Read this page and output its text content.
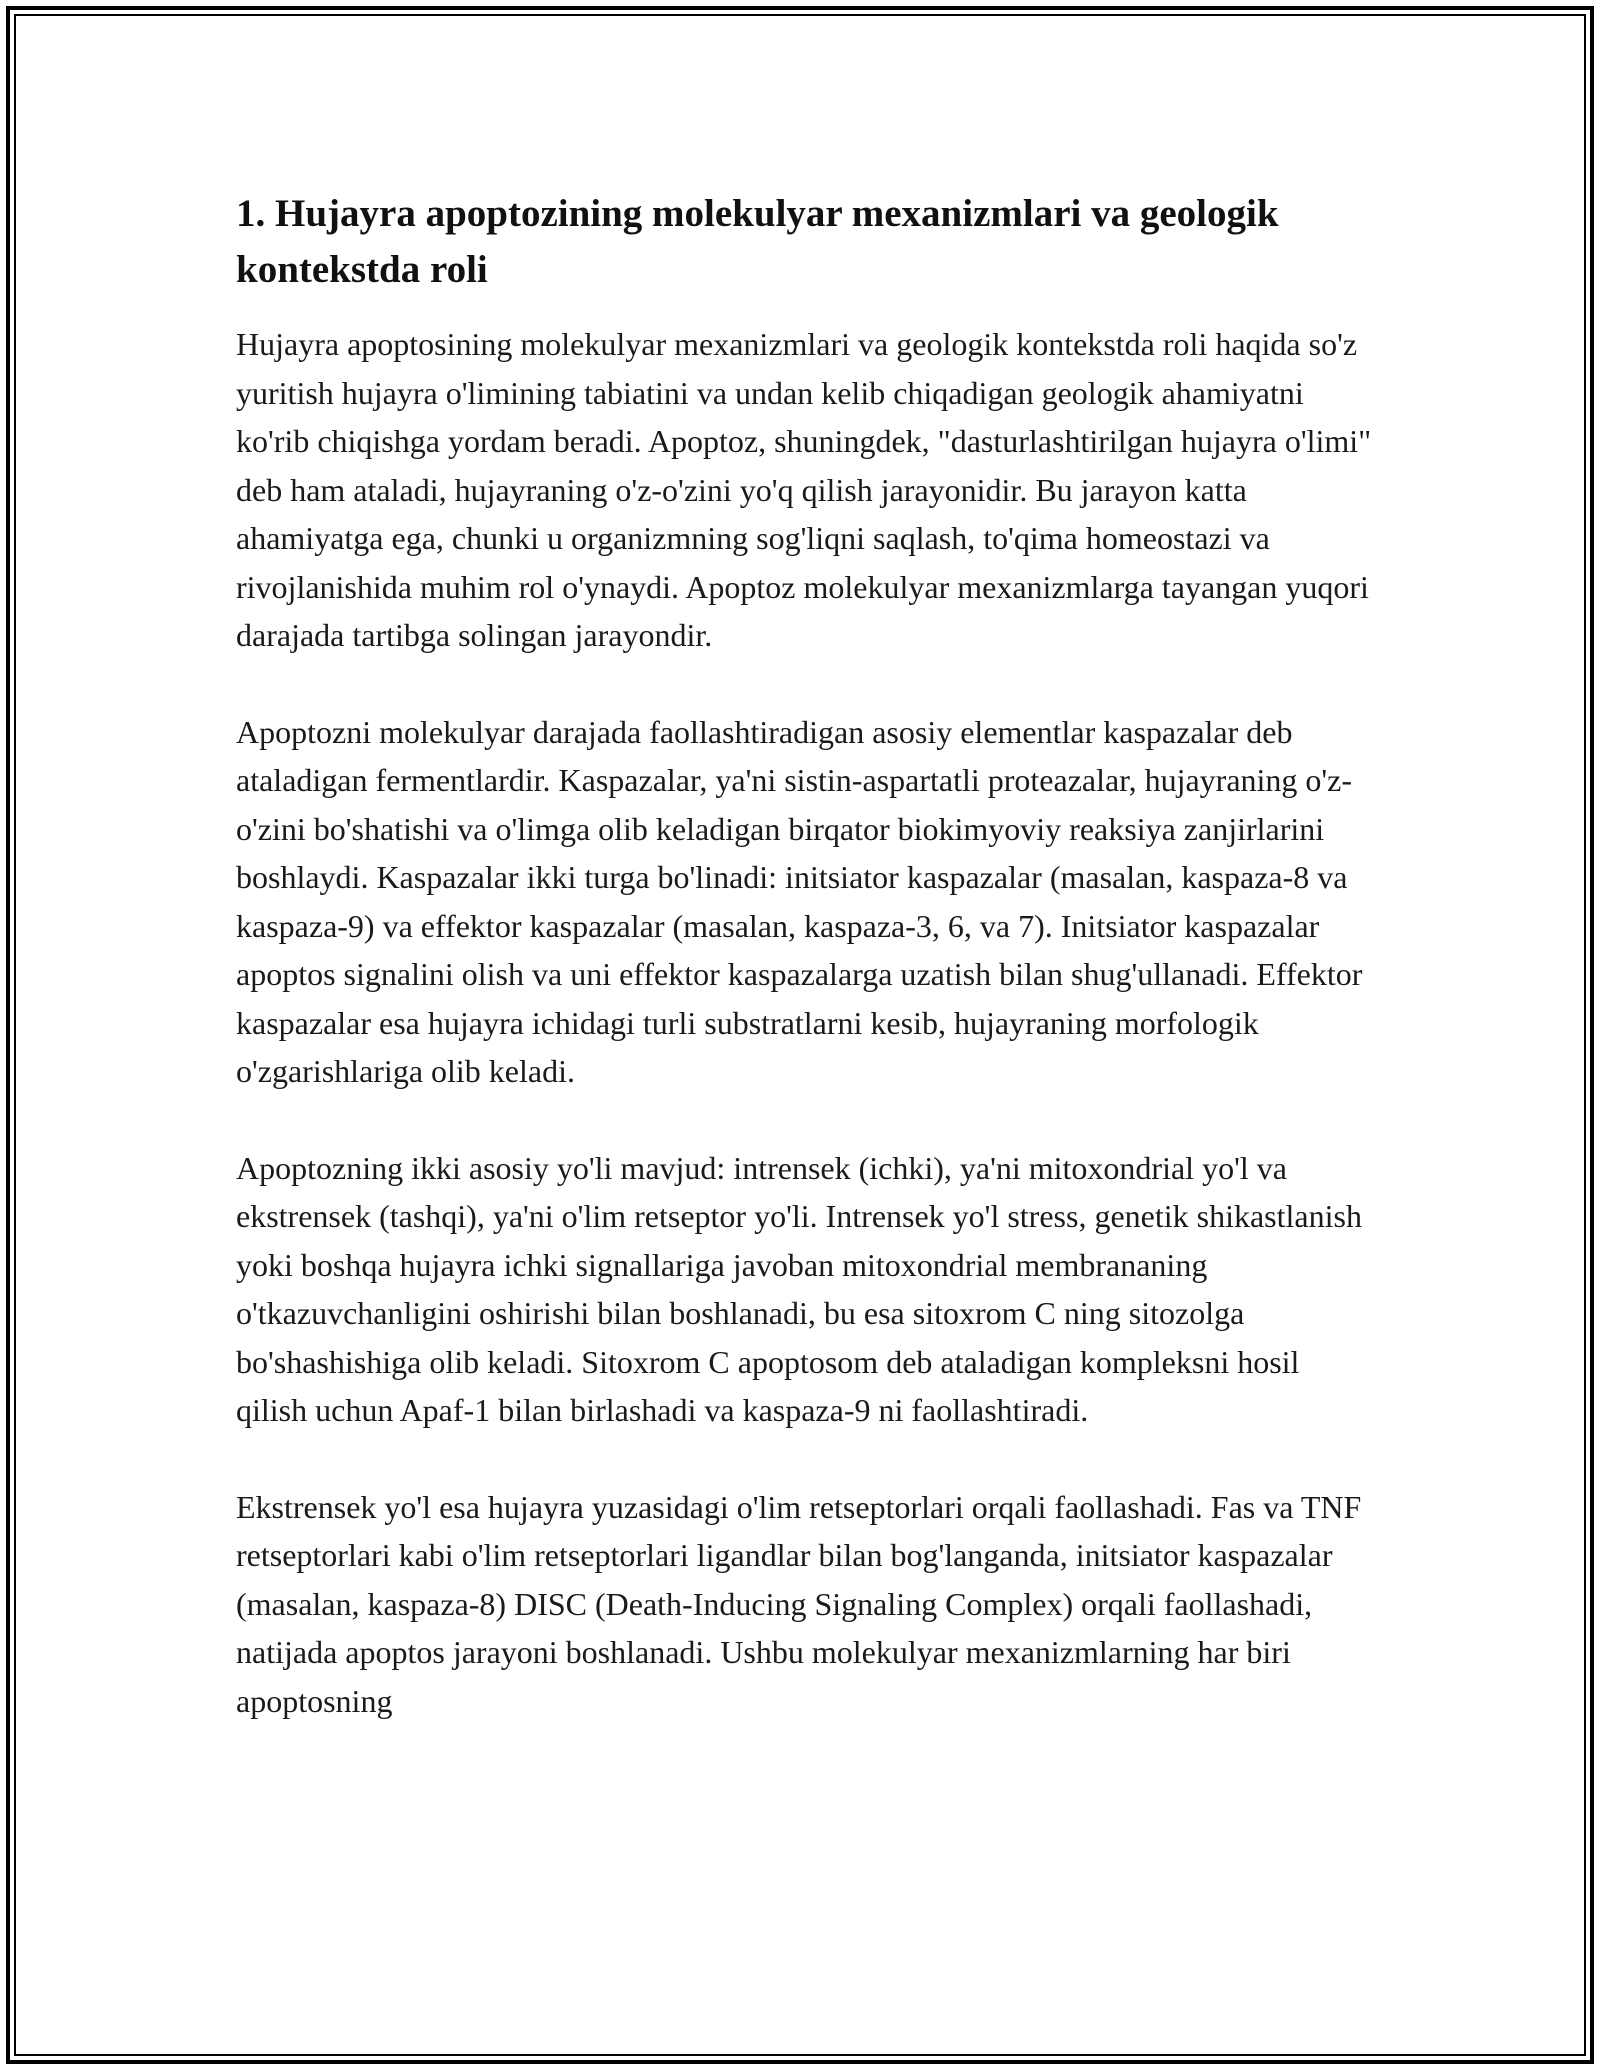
1. Hujayra apoptozining molekulyar mexanizmlari va geologik kontekstda roli

Hujayra apoptosining molekulyar mexanizmlari va geologik kontekstda roli haqida so'z yuritish hujayra o'limining tabiatini va undan kelib chiqadigan geologik ahamiyatni ko'rib chiqishga yordam beradi. Apoptoz, shuningdek, "dasturlashtirilgan hujayra o'limi" deb ham ataladi, hujayraning o'z-o'zini yo'q qilish jarayonidir. Bu jarayon katta ahamiyatga ega, chunki u organizmning sog'liqni saqlash, to'qima homeostazi va rivojlanishida muhim rol o'ynaydi. Apoptoz molekulyar mexanizmlarga tayangan yuqori darajada tartibga solingan jarayondir.

Apoptozni molekulyar darajada faollashtiradigan asosiy elementlar kaspazalar deb ataladigan fermentlardir. Kaspazalar, ya'ni sistin-aspartatli proteazalar, hujayraning o'z-o'zini bo'shatishi va o'limga olib keladigan birqator biokimyoviy reaksiya zanjirlarini boshlaydi. Kaspazalar ikki turga bo'linadi: initsiator kaspazalar (masalan, kaspaza-8 va kaspaza-9) va effektor kaspazalar (masalan, kaspaza-3, 6, va 7). Initsiator kaspazalar apoptos signalini olish va uni effektor kaspazalarga uzatish bilan shug'ullanadi. Effektor kaspazalar esa hujayra ichidagi turli substratlarni kesib, hujayraning morfologik o'zgarishlariga olib keladi.

Apoptozning ikki asosiy yo'li mavjud: intrensek (ichki), ya'ni mitoxondrial yo'l va ekstrensek (tashqi), ya'ni o'lim retseptor yo'li. Intrensek yo'l stress, genetik shikastlanish yoki boshqa hujayra ichki signallariga javoban mitoxondrial membrananing o'tkazuvchanligini oshirishi bilan boshlanadi, bu esa sitoxrom C ning sitozolga bo'shashishiga olib keladi. Sitoxrom C apoptosom deb ataladigan kompleksni hosil qilish uchun Apaf-1 bilan birlashadi va kaspaza-9 ni faollashtiradi.

Ekstrensek yo'l esa hujayra yuzasidagi o'lim retseptorlari orqali faollashadi. Fas va TNF retseptorlari kabi o'lim retseptorlari ligandlar bilan bog'langanda, initsiator kaspazalar (masalan, kaspaza-8) DISC (Death-Inducing Signaling Complex) orqali faollashadi, natijada apoptos jarayoni boshlanadi. Ushbu molekulyar mexanizmlarning har biri apoptosning
